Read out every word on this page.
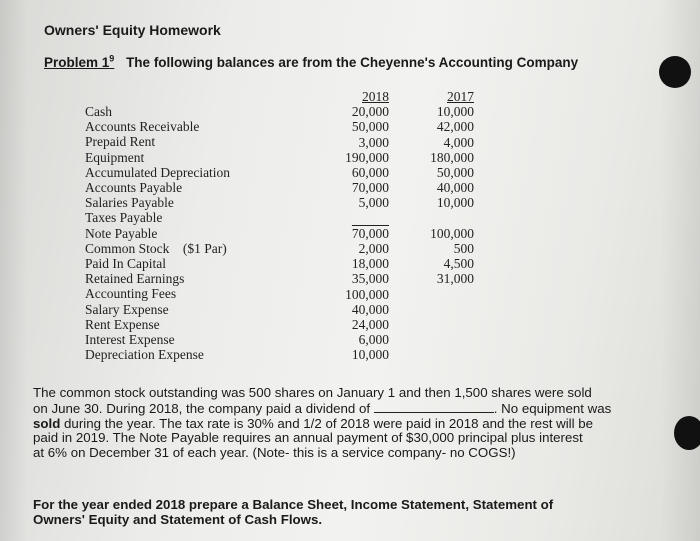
Owners' Equity Homework
Problem $1^9$ The following balances are from the Cheyenne's Accounting Company
Cash
Accounts Receivable
Prepaid Rent
Equipment
Accumulated Depreciation
Accounts Payable
Salaries Payable
Taxes Payable
Note Payable
Common Stock    ($1 Par)
Paid In Capital
Retained Earnings
Accounting Fees
Salary Expense
Rent Expense
Interest Expense
Depreciation Expense
2018
20,000
50,000
3,000
190,000
60,000
70,000
5,000
70,000
2,000
18,000
35,000
100,000
40,000
24,000
6,000
10,000
2017
10,000
42,000
4,000
180,000
50,000
40,000
10,000
100,000
500
4,500
31,000
The common stock outstanding was 500 shares on January 1 and then 1,500 shares were sold
on June 30. During 2018, the company paid a dividend of	. No equipment was
sold during the year. The tax rate is 30% and 1/2 of 2018 were paid in 2018 and the rest will be
paid in 2019. The Note Payable requires an annual payment of $30,000 principal plus interest
at 6% on December 31 of each year. (Note- this is a service company- no COGS!)
For the year ended 2018 prepare a Balance Sheet, Income Statement, Statement of
Owners' Equity and Statement of Cash Flows.
